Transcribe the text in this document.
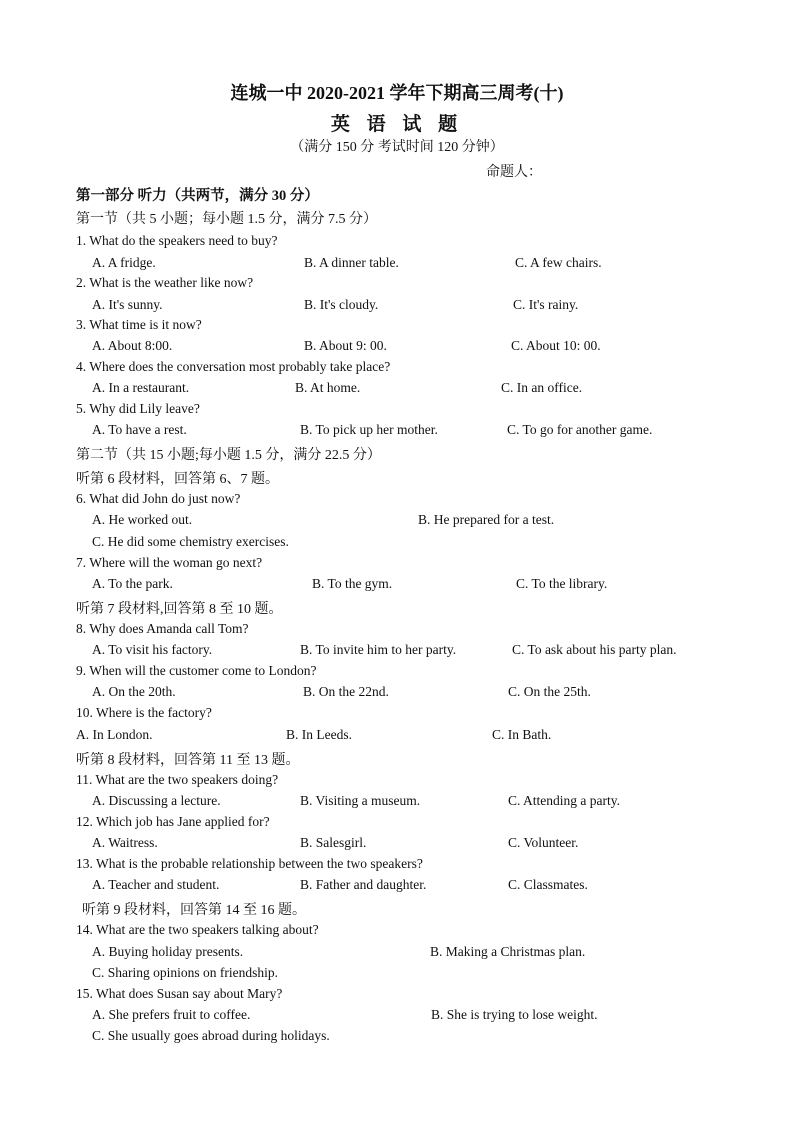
连城一中 2020-2021 学年下期高三周考(十)
英 语 试 题
（满分 150 分 考试时间 120 分钟）
命题人：
第一部分 听力（共两节，满分 30 分）
第一节（共 5 小题；每小题 1.5 分，满分 7.5 分）
1. What do the speakers need to buy?
A. A fridge.	B. A dinner table.	C. A few chairs.
2. What is the weather like now?
A. It's sunny.	B. It's cloudy.	C. It's rainy.
3. What time is it now?
A. About 8:00.	B. About 9: 00.	C. About 10: 00.
4. Where does the conversation most probably take place?
A. In a restaurant.	B. At home.	C. In an office.
5. Why did Lily leave?
A. To have a rest.	B. To pick up her mother.	C. To go for another game.
第二节（共 15 小题;每小题 1.5 分，满分 22.5 分）
听第 6 段材料，回答第 6、7 题。
6. What did John do just now?
A. He worked out.	B. He prepared for a test.
C. He did some chemistry exercises.
7. Where will the woman go next?
A. To the park.	B. To the gym.	C. To the library.
听第 7 段材料,回答第 8 至 10 题。
8. Why does Amanda call Tom?
A. To visit his factory.	B. To invite him to her party.	C. To ask about his party plan.
9. When will the customer come to London?
A. On the 20th.	B. On the 22nd.	C. On the 25th.
10. Where is the factory?
A. In London.	B. In Leeds.	C. In Bath.
听第 8 段材料，回答第 11 至 13 题。
11. What are the two speakers doing?
A. Discussing a lecture.	B. Visiting a museum.	C. Attending a party.
12. Which job has Jane applied for?
A. Waitress.	B. Salesgirl.	C. Volunteer.
13. What is the probable relationship between the two speakers?
A. Teacher and student.	B. Father and daughter.	C. Classmates.
听第 9 段材料，回答第 14 至 16 题。
14. What are the two speakers talking about?
A. Buying holiday presents.	B. Making a Christmas plan.
C. Sharing opinions on friendship.
15. What does Susan say about Mary?
A. She prefers fruit to coffee.	B. She is trying to lose weight.
C. She usually goes abroad during holidays.
